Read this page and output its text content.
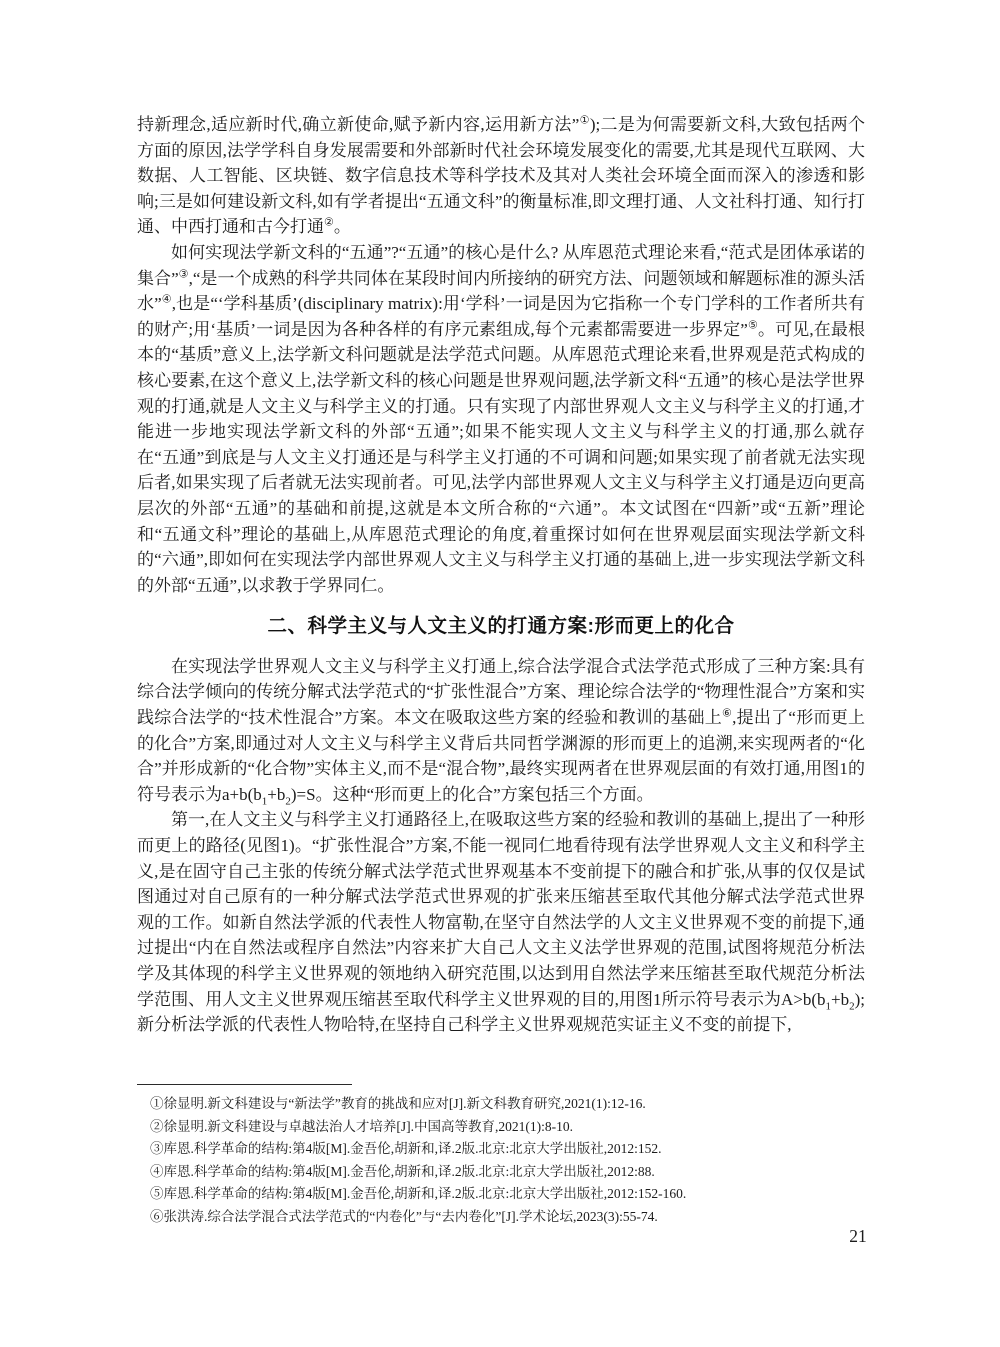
持新理念,适应新时代,确立新使命,赋予新内容,运用新方法”①);二是为何需要新文科,大致包括两个方面的原因,法学学科自身发展需要和外部新时代社会环境发展变化的需要,尤其是现代互联网、大数据、人工智能、区块链、数字信息技术等科学技术及其对人类社会环境全面而深入的渗透和影响;三是如何建设新文科,如有学者提出“五通文科”的衡量标准,即文理打通、人文社科打通、知行打通、中西打通和古今打通②。

如何实现法学新文科的“五通”?“五通”的核心是什么? 从库恩范式理论来看,“范式是团体承诺的集合”③,“是一个成熟的科学共同体在某段时间内所接纳的研究方法、问题领域和解题标准的源头活水”④,也是“‘学科基质’(disciplinary matrix):用‘学科’一词是因为它指称一个专门学科的工作者所共有的财产;用‘基质’一词是因为各种各样的有序元素组成,每个元素都需要进一步界定”⑤。可见,在最根本的“基质”意义上,法学新文科问题就是法学范式问题。从库恩范式理论来看,世界观是范式构成的核心要素,在这个意义上,法学新文科的核心问题是世界观问题,法学新文科“五通”的核心是法学世界观的打通,就是人文主义与科学主义的打通。只有实现了内部世界观人文主义与科学主义的打通,才能进一步地实现法学新文科的外部“五通”;如果不能实现人文主义与科学主义的打通,那么就存在“五通”到底是与人文主义打通还是与科学主义打通的不可调和问题;如果实现了前者就无法实现后者,如果实现了后者就无法实现前者。可见,法学内部世界观人文主义与科学主义打通是迈向更高层次的外部“五通”的基础和前提,这就是本文所合称的“六通”。本文试图在“四新”或“五新”理论和“五通文科”理论的基础上,从库恩范式理论的角度,着重探讨如何在世界观层面实现法学新文科的“六通”,即如何在实现法学内部世界观人文主义与科学主义打通的基础上,进一步实现法学新文科的外部“五通”,以求教于学界同仁。

二、科学主义与人文主义的打通方案:形而更上的化合

在实现法学世界观人文主义与科学主义打通上,综合法学混合式法学范式形成了三种方案:具有综合法学倾向的传统分解式法学范式的“扩张性混合”方案、理论综合法学的“物理性混合”方案和实践综合法学的“技术性混合”方案。本文在吸取这些方案的经验和教训的基础上⑥,提出了“形而更上的化合”方案,即通过对人文主义与科学主义背后共同哲学渊源的形而更上的追溯,来实现两者的“化合”并形成新的“化合物”实体主义,而不是“混合物”,最终实现两者在世界观层面的有效打通,用图1的符号表示为$a+b(b_1+b_2)=S$。这种“形而更上的化合”方案包括三个方面。

第一,在人文主义与科学主义打通路径上,在吸取这些方案的经验和教训的基础上,提出了一种形而更上的路径(见图1)。“扩张性混合”方案,不能一视同仁地看待现有法学世界观人文主义和科学主义,是在固守自己主张的传统分解式法学范式世界观基本不变前提下的融合和扩张,从事的仅仅是试图通过对自己原有的一种分解式法学范式世界观的扩张来压缩甚至取代其他分解式法学范式世界观的工作。如新自然法学派的代表性人物富勒,在坚守自然法学的人文主义世界观不变的前提下,通过提出“内在自然法或程序自然法”内容来扩大自己人文主义法学世界观的范围,试图将规范分析法学及其体现的科学主义世界观的领地纳入研究范围,以达到用自然法学来压缩甚至取代规范分析法学范围、用人文主义世界观压缩甚至取代科学主义世界观的目的,用图1所示符号表示为$A>b(b_1+b_2)$;新分析法学派的代表性人物哈特,在坚持自己科学主义世界观规范实证主义不变的前提下,

①徐显明.新文科建设与“新法学”教育的挑战和应对[J].新文科教育研究,2021(1):12-16.

②徐显明.新文科建设与卓越法治人才培养[J].中国高等教育,2021(1):8-10.

③库恩.科学革命的结构:第4版[M].金吾伦,胡新和,译.2版.北京:北京大学出版社,2012:152.

④库恩.科学革命的结构:第4版[M].金吾伦,胡新和,译.2版.北京:北京大学出版社,2012:88.

⑤库恩.科学革命的结构:第4版[M].金吾伦,胡新和,译.2版.北京:北京大学出版社,2012:152-160.

⑥张洪涛.综合法学混合式法学范式的“内卷化”与“去内卷化”[J].学术论坛,2023(3):55-74.

21
